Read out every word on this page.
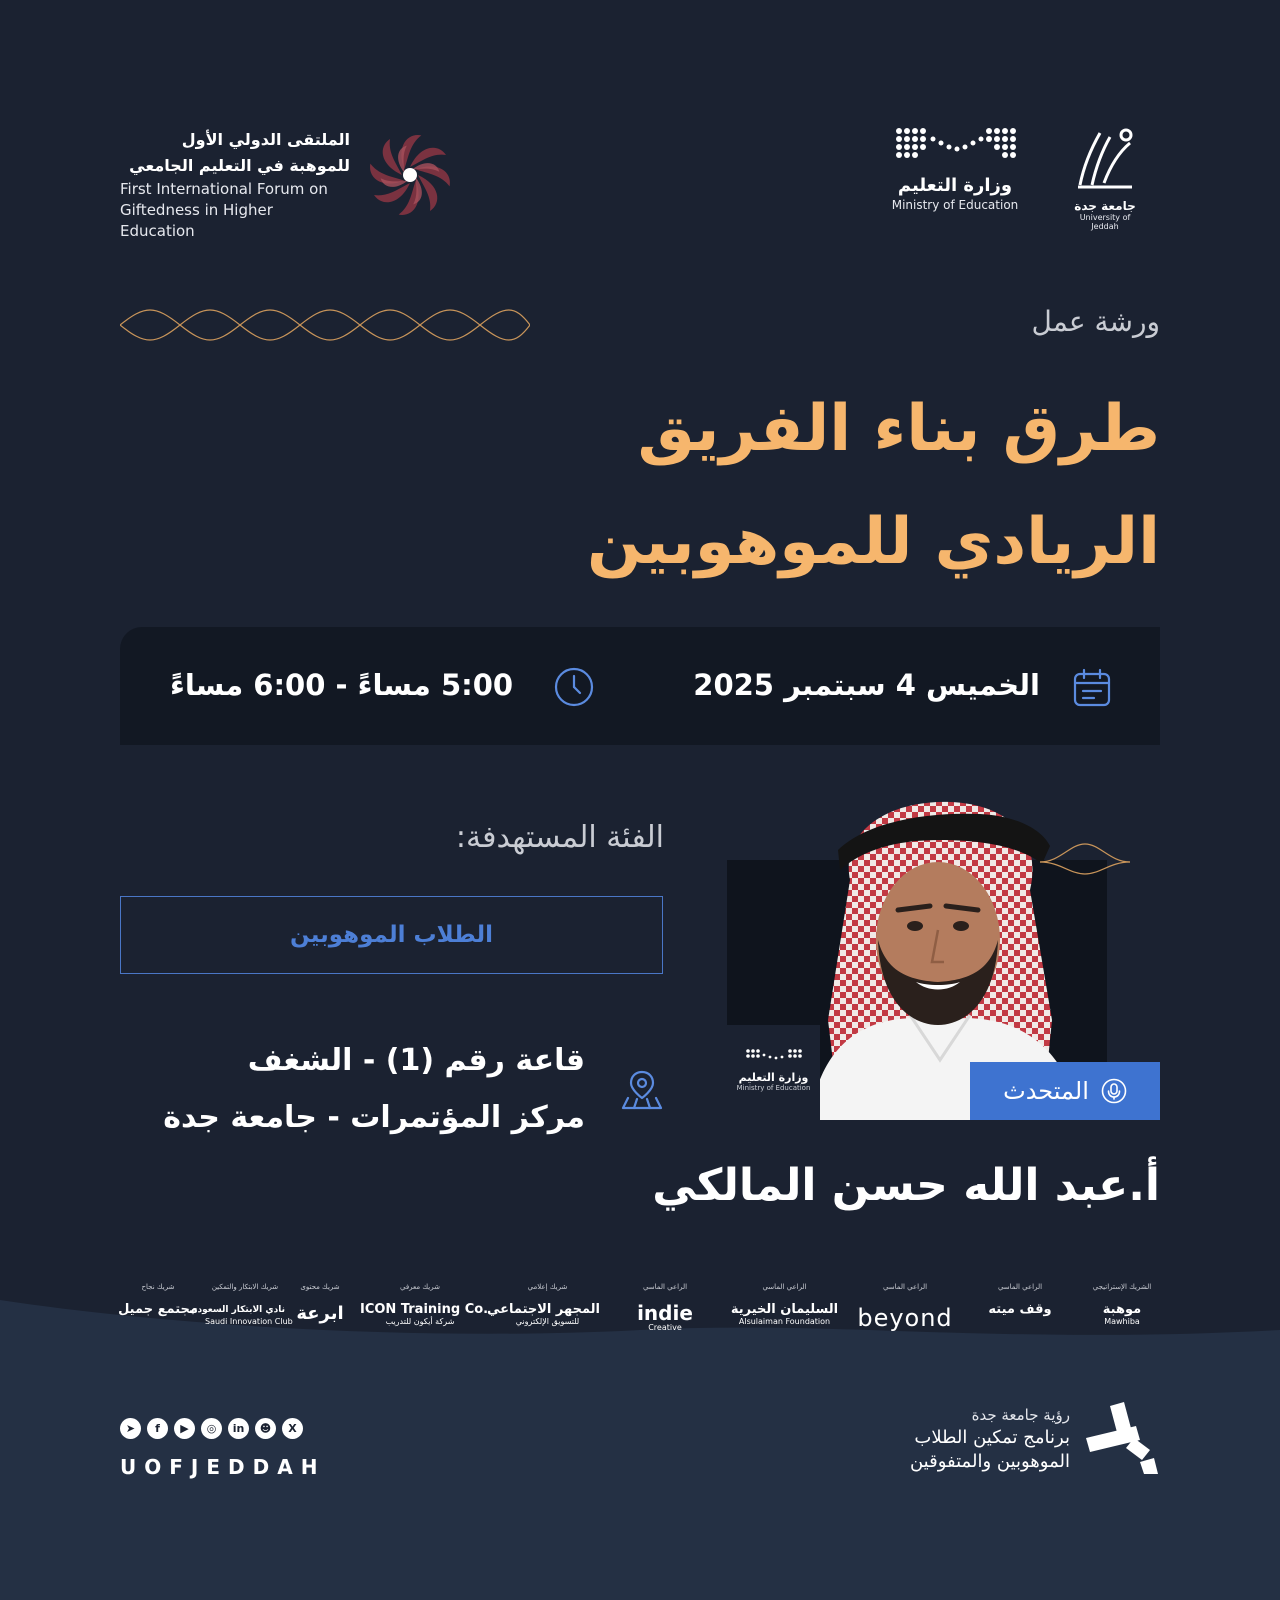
الملتقى الدولي الأول
للموهبة في التعليم الجامعي
First International Forum on
Giftedness in Higher Education
وزارة التعليم
Ministry of Education	جامعة جدة
University of Jeddah
ورشة عمل
طرق بناء الفريق
الريادي للموهوبين
الخميس 4 سبتمبر 2025
5:00 مساءً - 6:00 مساءً
الفئة المستهدفة:
الطلاب الموهوبين
قاعة رقم (1) - الشغف
مركز المؤتمرات - جامعة جدة
وزارة التعليم
Ministry of Education	المتحدث
أ.عبد الله حسن المالكي
الشريك الإستراتيجي
موهبة
Mawhiba
الراعي الماسي
وقف ميته
الراعي الماسي
beyond
الراعي الماسي
السليمان الخيرية
Alsulaiman Foundation
الراعي الماسي
indie
Creative
شريك إعلامي
المجهر الاجتماعي
للتسويق الإلكتروني
شريك معرفي
ICON Training Co.
شركة أيكون للتدريب
شريك محتوى
ابرعة
شريك الابتكار والتمكين
نادي الابتكار السعودي
Saudi Innovation Club
شريك نجاح
مجتمع جميل
➤	f	▶	◎	in	☻	X
UOFJEDDAH
رؤية جامعة جدة
برنامج تمكين الطلاب
الموهوبين والمتفوقين
